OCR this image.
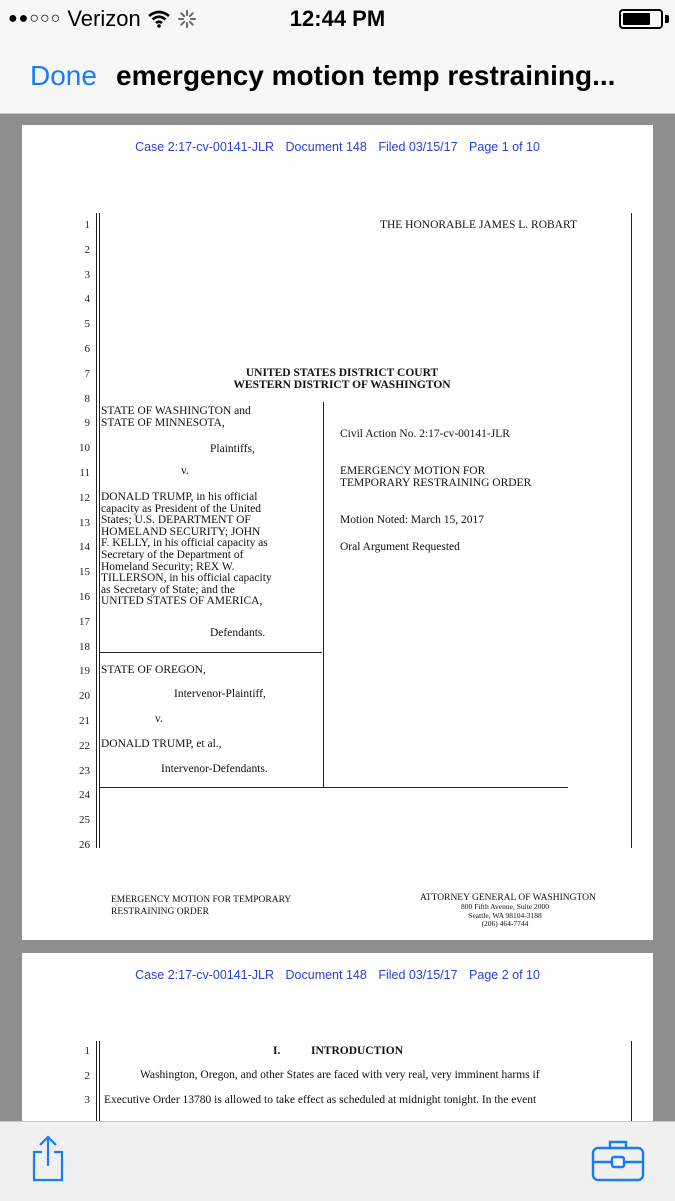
●●○○○ Verizon	12:44 PM
Done emergency motion temp restraining...
Case 2:17-cv-00141-JLR Document 148 Filed 03/15/17 Page 1 of 10
1
2
3
4
5
6
7
8
9
10
11
12
13
14
15
16
17
18
19
20
21
22
23
24
25
26
THE HONORABLE JAMES L. ROBART
UNITED STATES DISTRICT COURT
WESTERN DISTRICT OF WASHINGTON
STATE OF WASHINGTON and
STATE OF MINNESOTA,
Plaintiffs,
v.
DONALD TRUMP, in his official
capacity as President of the United
States; U.S. DEPARTMENT OF
HOMELAND SECURITY; JOHN
F. KELLY, in his official capacity as
Secretary of the Department of
Homeland Security; REX W.
TILLERSON, in his official capacity
as Secretary of State; and the
UNITED STATES OF AMERICA,
Defendants.
STATE OF OREGON,
Intervenor-Plaintiff,
v.
DONALD TRUMP, et al.,
Intervenor-Defendants.
Civil Action No. 2:17-cv-00141-JLR
EMERGENCY MOTION FOR
TEMPORARY RESTRAINING ORDER
Motion Noted: March 15, 2017
Oral Argument Requested
EMERGENCY MOTION FOR TEMPORARY
RESTRAINING ORDER
ATTORNEY GENERAL OF WASHINGTON
800 Fifth Avenue, Suite 2000
Seattle, WA 98104-3188
(206) 464-7744
Case 2:17-cv-00141-JLR Document 148 Filed 03/15/17 Page 2 of 10
1
2
3
I.	INTRODUCTION
Washington, Oregon, and other States are faced with very real, very imminent harms if
Executive Order 13780 is allowed to take effect as scheduled at midnight tonight. In the event
